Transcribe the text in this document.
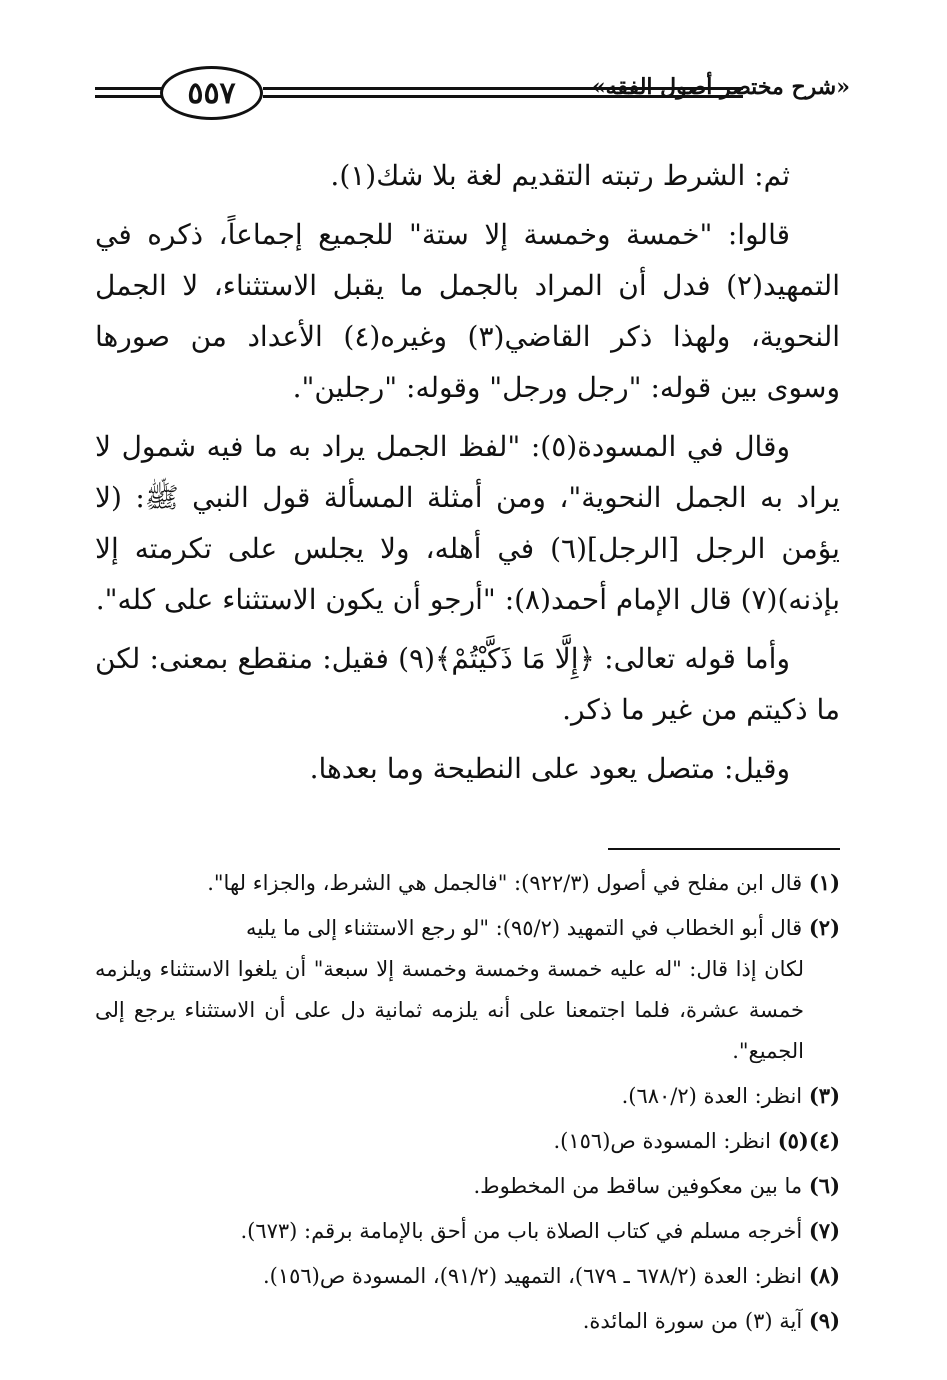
٥٥٧	«شرح مختصر أصول الفقه»

ثم: الشرط رتبته التقديم لغة بلا شك(١).

قالوا: "خمسة وخمسة إلا ستة" للجميع إجماعاً، ذكره في التمهيد(٢) فدل أن المراد بالجمل ما يقبل الاستثناء، لا الجمل النحوية، ولهذا ذكر القاضي(٣) وغيره(٤) الأعداد من صورها وسوى بين قوله: "رجل ورجل" وقوله: "رجلين".

وقال في المسودة(٥): "لفظ الجمل يراد به ما فيه شمول لا يراد به الجمل النحوية"، ومن أمثلة المسألة قول النبي ﷺ: (لا يؤمن الرجل [الرجل](٦) في أهله، ولا يجلس على تكرمته إلا بإذنه)(٧) قال الإمام أحمد(٨): "أرجو أن يكون الاستثناء على كله".

وأما قوله تعالى: ﴿إِلَّا مَا ذَكَّيْتُمْ﴾(٩) فقيل: منقطع بمعنى: لكن ما ذكيتم من غير ما ذكر.

وقيل: متصل يعود على النطيحة وما بعدها.

(١) قال ابن مفلح في أصول (٩٢٢/٣): "فالجمل هي الشرط، والجزاء لها".
(٢) قال أبو الخطاب في التمهيد (٩٥/٢): "لو رجع الاستثناء إلى ما يليه
لكان إذا قال: "له عليه خمسة وخمسة وخمسة إلا سبعة" أن يلغوا الاستثناء ويلزمه خمسة عشرة، فلما اجتمعنا على أنه يلزمه ثمانية دل على أن الاستثناء يرجع إلى الجميع".
(٣) انظر: العدة (٦٨٠/٢).
(٤)(٥) انظر: المسودة ص(١٥٦).
(٦) ما بين معكوفين ساقط من المخطوط.
(٧) أخرجه مسلم في كتاب الصلاة باب من أحق بالإمامة برقم: (٦٧٣).
(٨) انظر: العدة (٦٧٨/٢ ـ ٦٧٩)، التمهيد (٩١/٢)، المسودة ص(١٥٦).
(٩) آية (٣) من سورة المائدة.
